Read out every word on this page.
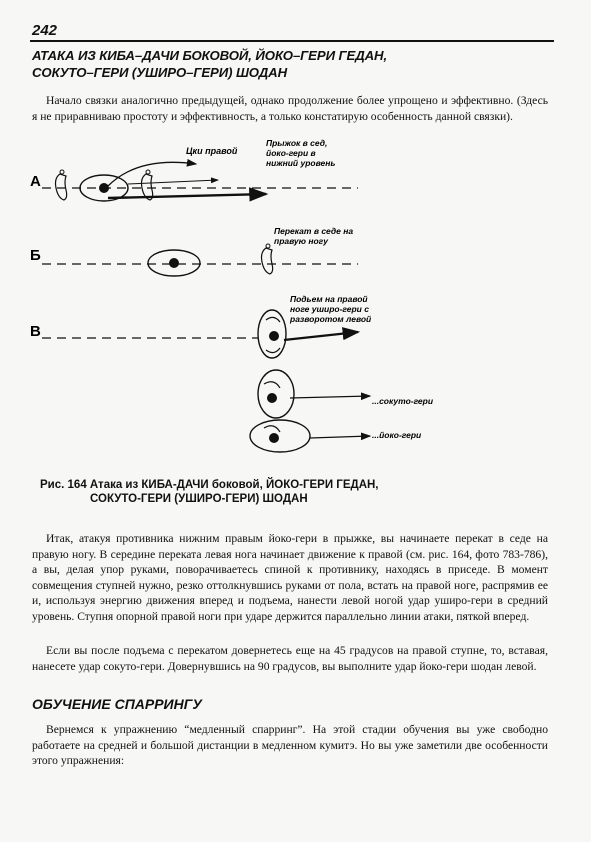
242
АТАКА ИЗ КИБА–ДАЧИ БОКОВОЙ, ЙОКО–ГЕРИ ГЕДАН,
СОКУТО–ГЕРИ (УШИРО–ГЕРИ) ШОДАН

Начало связки аналогично предыдущей, однако продолжение более упрощено и эффективно. (Здесь я не приравниваю простоту и эффективность, а только констатирую особенность данной связки).

А
Цки правой
Прыжок в сед, йоко-гери в нижний уровень
Б
Перекат в седе на правую ногу
В
Подьем на правой ноге уширо-гери с разворотом левой
...сокуто-гери
...йоко-гери
Рис. 164 Атака из КИБА-ДАЧИ боковой, ЙОКО-ГЕРИ ГЕДАН,
СОКУТО-ГЕРИ (УШИРО-ГЕРИ) ШОДАН

Итак, атакуя противника нижним правым йоко-гери в прыжке, вы начинаете перекат в седе на правую ногу. В середине переката левая нога начинает движение к правой (см. рис. 164, фото 783-786), а вы, делая упор руками, поворачиваетесь спиной к противнику, находясь в приседе. В момент совмещения ступней нужно, резко оттолкнувшись руками от пола, встать на правой ноге, распрямив ее и, используя энергию движения вперед и подъема, нанести левой ногой удар уширо-гери в средний уровень. Ступня опорной правой ноги при ударе держится параллельно линии атаки, пяткой вперед.

Если вы после подъема с перекатом довернетесь еще на 45 градусов на правой ступне, то, вставая, нанесете удар сокуто-гери. Довернувшись на 90 градусов, вы выполните удар йоко-гери шодан левой.

ОБУЧЕНИЕ СПАРРИНГУ

Вернемся к упражнению “медленный спарринг”. На этой стадии обучения вы уже свободно работаете на средней и большой дистанции в медленном кумитэ. Но вы уже заметили две особенности этого упражнения:
